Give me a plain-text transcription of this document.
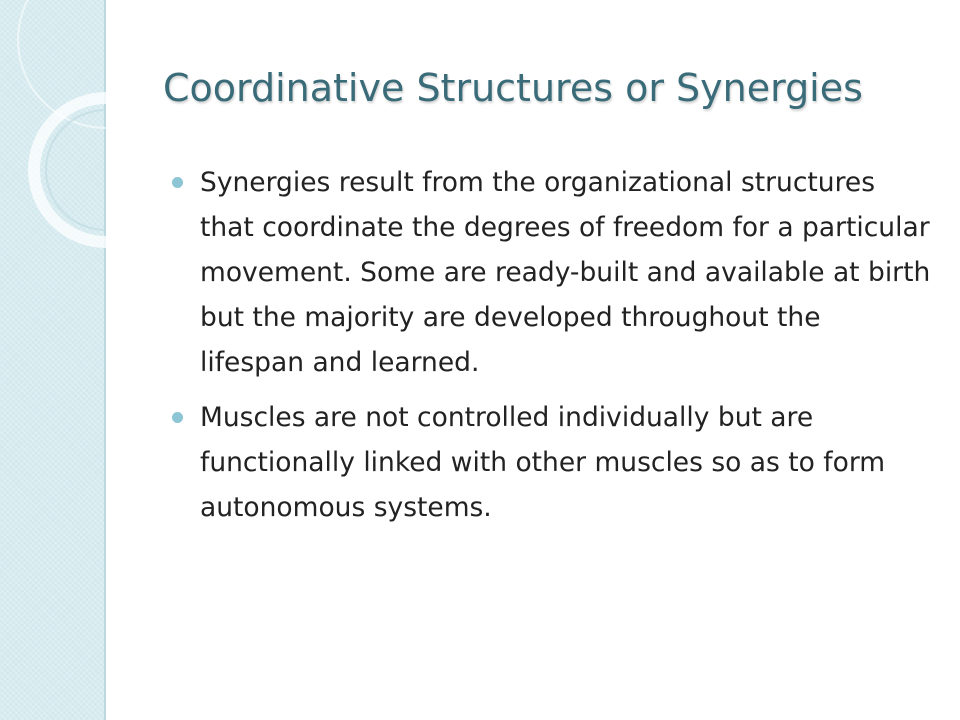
Coordinative Structures or Synergies
Synergies result from the organizational structures that coordinate the degrees of freedom for a particular movement. Some are ready-built and available at birth but the majority are developed throughout the lifespan and learned.
Muscles are not controlled individually but are functionally linked with other muscles so as to form autonomous systems.
